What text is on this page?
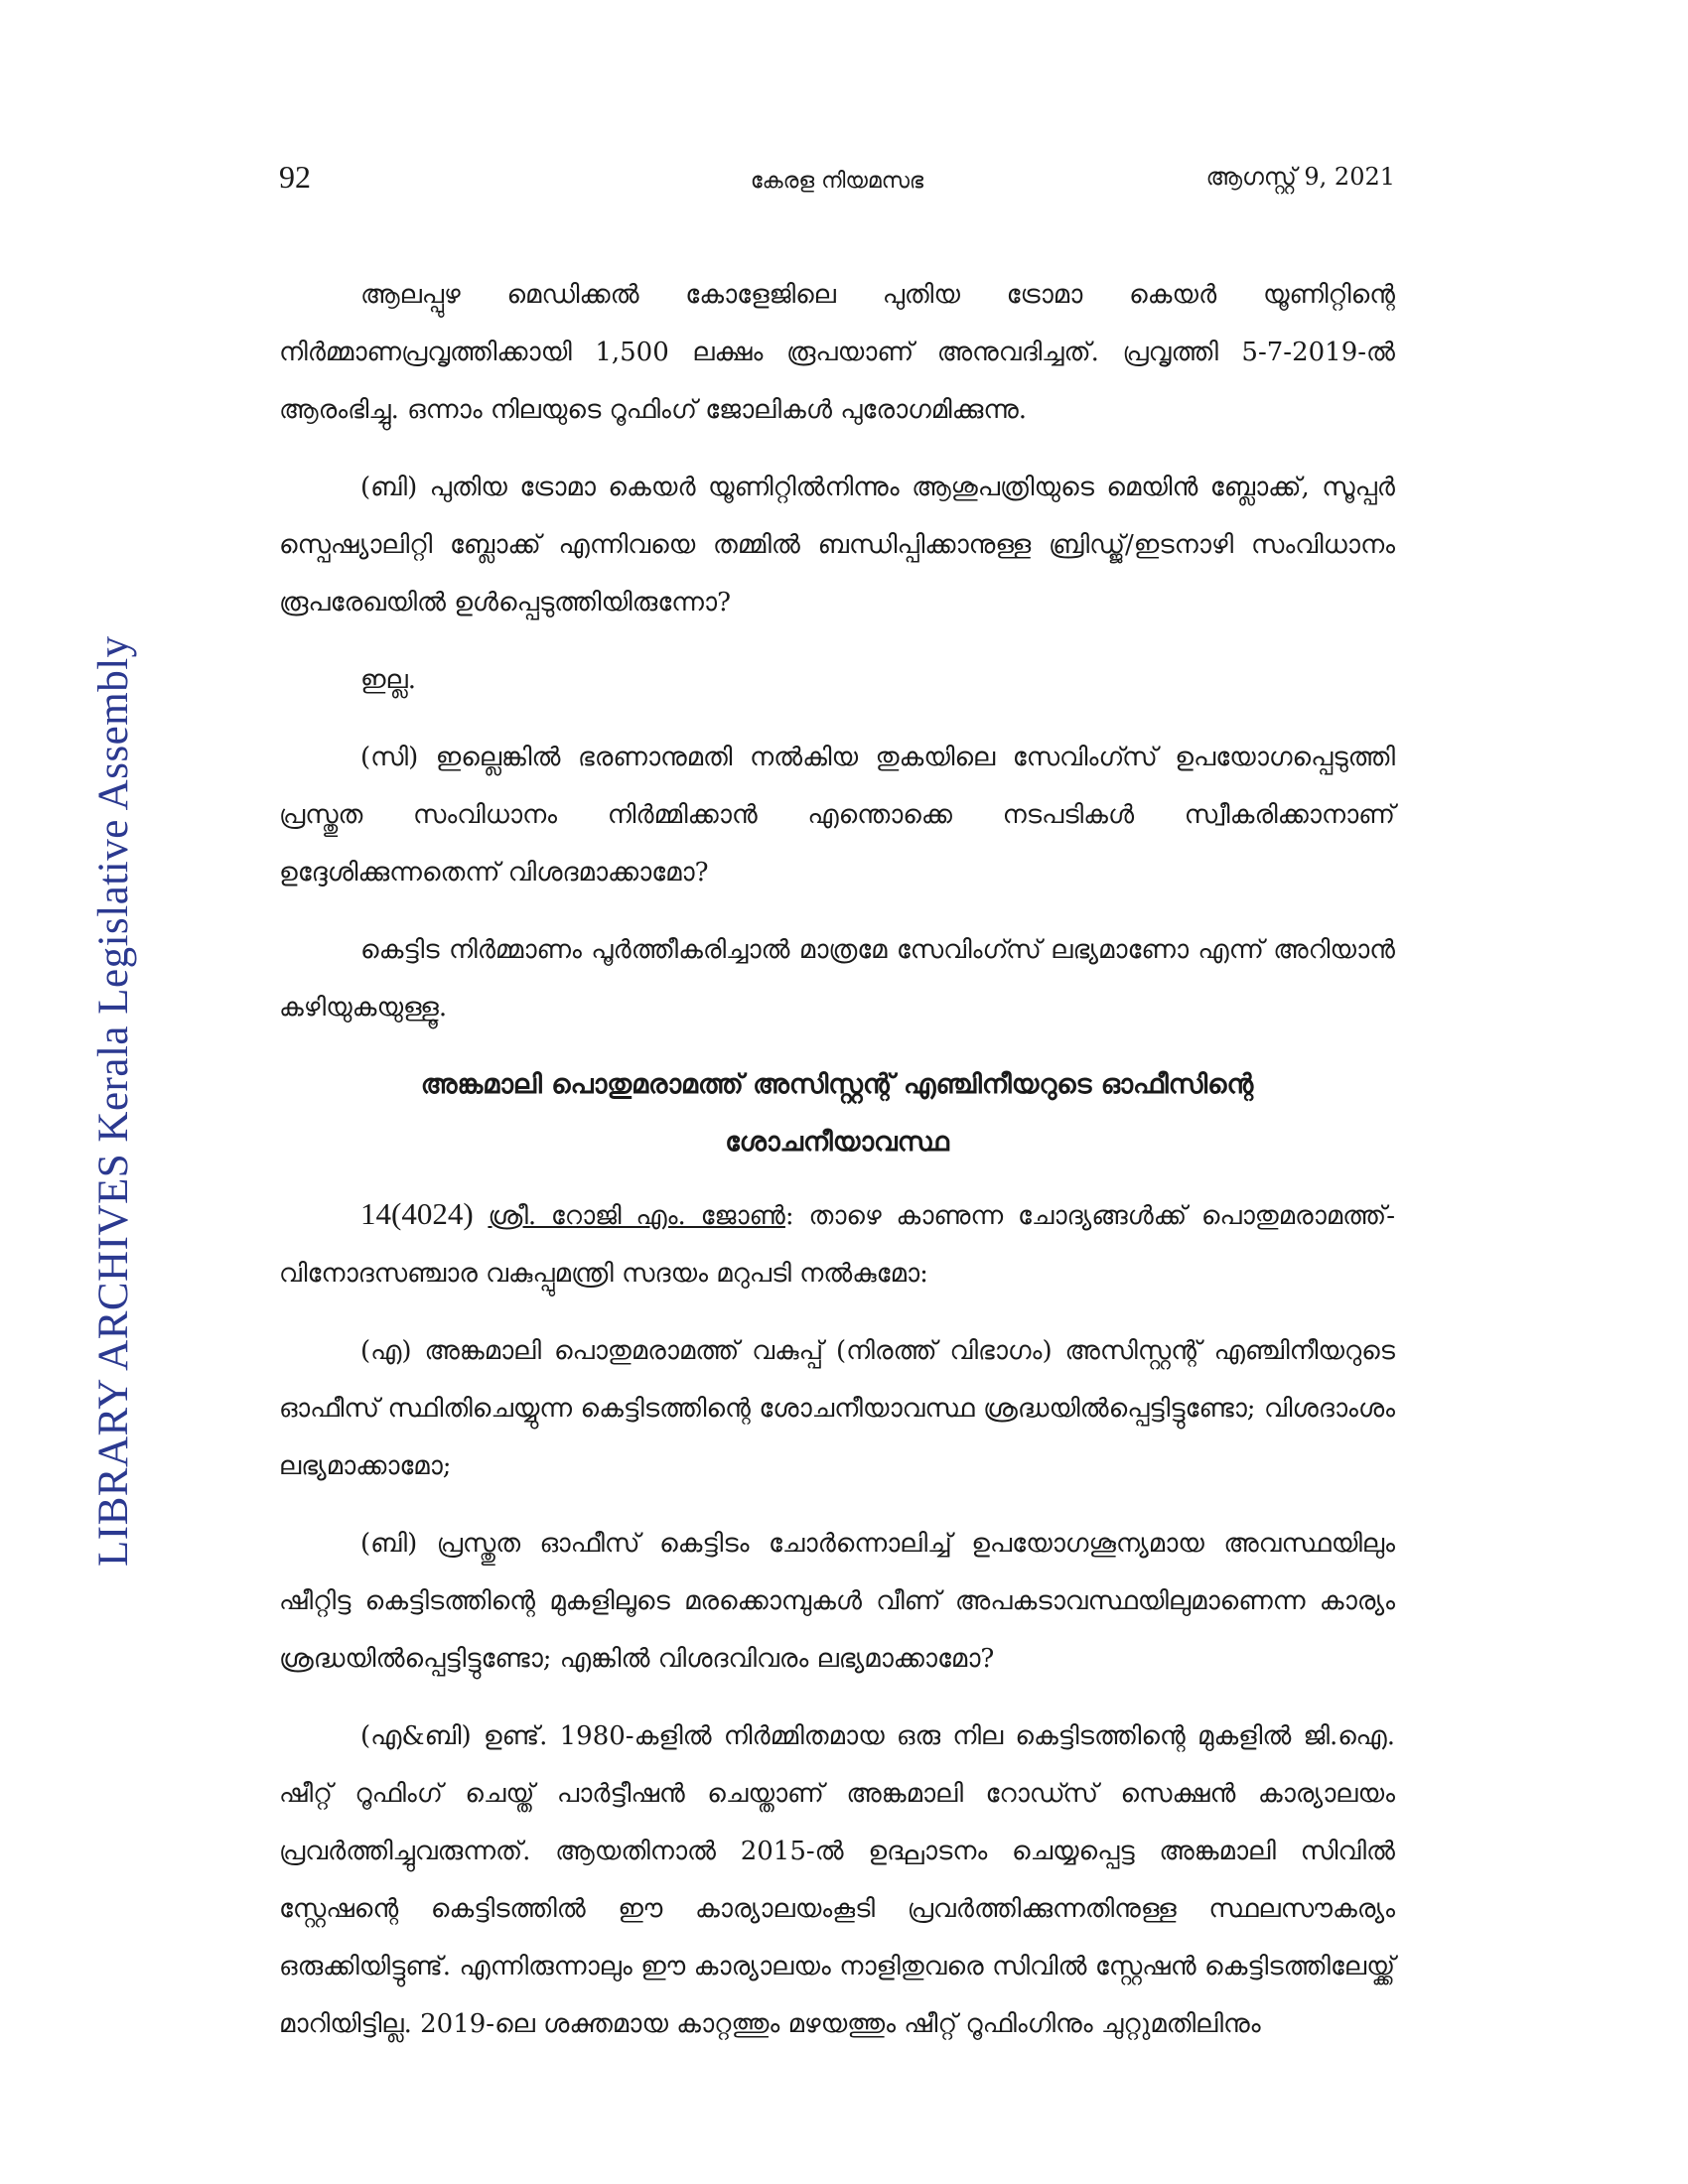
LIBRARY ARCHIVES Kerala Legislative Assembly
92	കേരള നിയമസഭ	ആഗസ്റ്റ് 9, 2021

ആലപ്പുഴ മെഡിക്കൽ കോളേജിലെ പുതിയ ട്രോമാ കെയർ യൂണിറ്റിന്റെ നിർമ്മാണപ്രവൃത്തിക്കായി 1,500 ലക്ഷം രൂപയാണ് അനുവദിച്ചത്. പ്രവൃത്തി 5-7-2019-ൽ ആരംഭിച്ചു. ഒന്നാം നിലയുടെ റൂഫിംഗ് ജോലികൾ പുരോഗമിക്കുന്നു.

(ബി) പുതിയ ട്രോമാ കെയർ യൂണിറ്റിൽനിന്നും ആശുപത്രിയുടെ മെയിൻ ബ്ലോക്ക്, സൂപ്പർ സ്പെഷ്യാലിറ്റി ബ്ലോക്ക് എന്നിവയെ തമ്മിൽ ബന്ധിപ്പിക്കാനുള്ള ബ്രിഡ്ജ്/ഇടനാഴി സംവിധാനം രൂപരേഖയിൽ ഉൾപ്പെടുത്തിയിരുന്നോ?

ഇല്ല.

(സി) ഇല്ലെങ്കിൽ ഭരണാനുമതി നൽകിയ തുകയിലെ സേവിംഗ്സ് ഉപയോഗപ്പെടുത്തി പ്രസ്തുത സംവിധാനം നിർമ്മിക്കാൻ എന്തൊക്കെ നടപടികൾ സ്വീകരിക്കാനാണ് ഉദ്ദേശിക്കുന്നതെന്ന് വിശദമാക്കാമോ?

കെട്ടിട നിർമ്മാണം പൂർത്തീകരിച്ചാൽ മാത്രമേ സേവിംഗ്സ് ലഭ്യമാണോ എന്ന് അറിയാൻ കഴിയുകയുള്ളൂ.

അങ്കമാലി പൊതുമരാമത്ത് അസിസ്റ്റന്റ് എഞ്ചിനീയറുടെ ഓഫീസിന്റെ
ശോചനീയാവസ്ഥ

14(4024) ശ്രീ. റോജി എം. ജോൺ: താഴെ കാണുന്ന ചോദ്യങ്ങൾക്ക് പൊതുമരാമത്ത്-വിനോദസഞ്ചാര വകുപ്പുമന്ത്രി സദയം മറുപടി നൽകുമോ:

(എ) അങ്കമാലി പൊതുമരാമത്ത് വകുപ്പ് (നിരത്ത് വിഭാഗം) അസിസ്റ്റന്റ് എഞ്ചിനീയറുടെ ഓഫീസ് സ്ഥിതിചെയ്യുന്ന കെട്ടിടത്തിന്റെ ശോചനീയാവസ്ഥ ശ്രദ്ധയിൽപ്പെട്ടിട്ടുണ്ടോ; വിശദാംശം ലഭ്യമാക്കാമോ;

(ബി) പ്രസ്തുത ഓഫീസ് കെട്ടിടം ചോർന്നൊലിച്ച് ഉപയോഗശൂന്യമായ അവസ്ഥയിലും ഷീറ്റിട്ട കെട്ടിടത്തിന്റെ മുകളിലൂടെ മരക്കൊമ്പുകൾ വീണ് അപകടാവസ്ഥയിലുമാണെന്ന കാര്യം ശ്രദ്ധയിൽപ്പെട്ടിട്ടുണ്ടോ; എങ്കിൽ വിശദവിവരം ലഭ്യമാക്കാമോ?

(എ&ബി) ഉണ്ട്. 1980-കളിൽ നിർമ്മിതമായ ഒരു നില കെട്ടിടത്തിന്റെ മുകളിൽ ജി.ഐ. ഷീറ്റ് റൂഫിംഗ് ചെയ്ത് പാർട്ടീഷൻ ചെയ്താണ് അങ്കമാലി റോഡ്സ് സെക്ഷൻ കാര്യാലയം പ്രവർത്തിച്ചുവരുന്നത്. ആയതിനാൽ 2015-ൽ ഉദ്ഘാടനം ചെയ്യപ്പെട്ട അങ്കമാലി സിവിൽ സ്റ്റേഷന്റെ കെട്ടിടത്തിൽ ഈ കാര്യാലയംകൂടി പ്രവർത്തിക്കുന്നതിനുള്ള സ്ഥലസൗകര്യം ഒരുക്കിയിട്ടുണ്ട്. എന്നിരുന്നാലും ഈ കാര്യാലയം നാളിതുവരെ സിവിൽ സ്റ്റേഷൻ കെട്ടിടത്തിലേയ്ക്ക് മാറിയിട്ടില്ല. 2019-ലെ ശക്തമായ കാറ്റത്തും മഴയത്തും ഷീറ്റ് റൂഫിംഗിനും ചുറ്റുമതിലിനും
